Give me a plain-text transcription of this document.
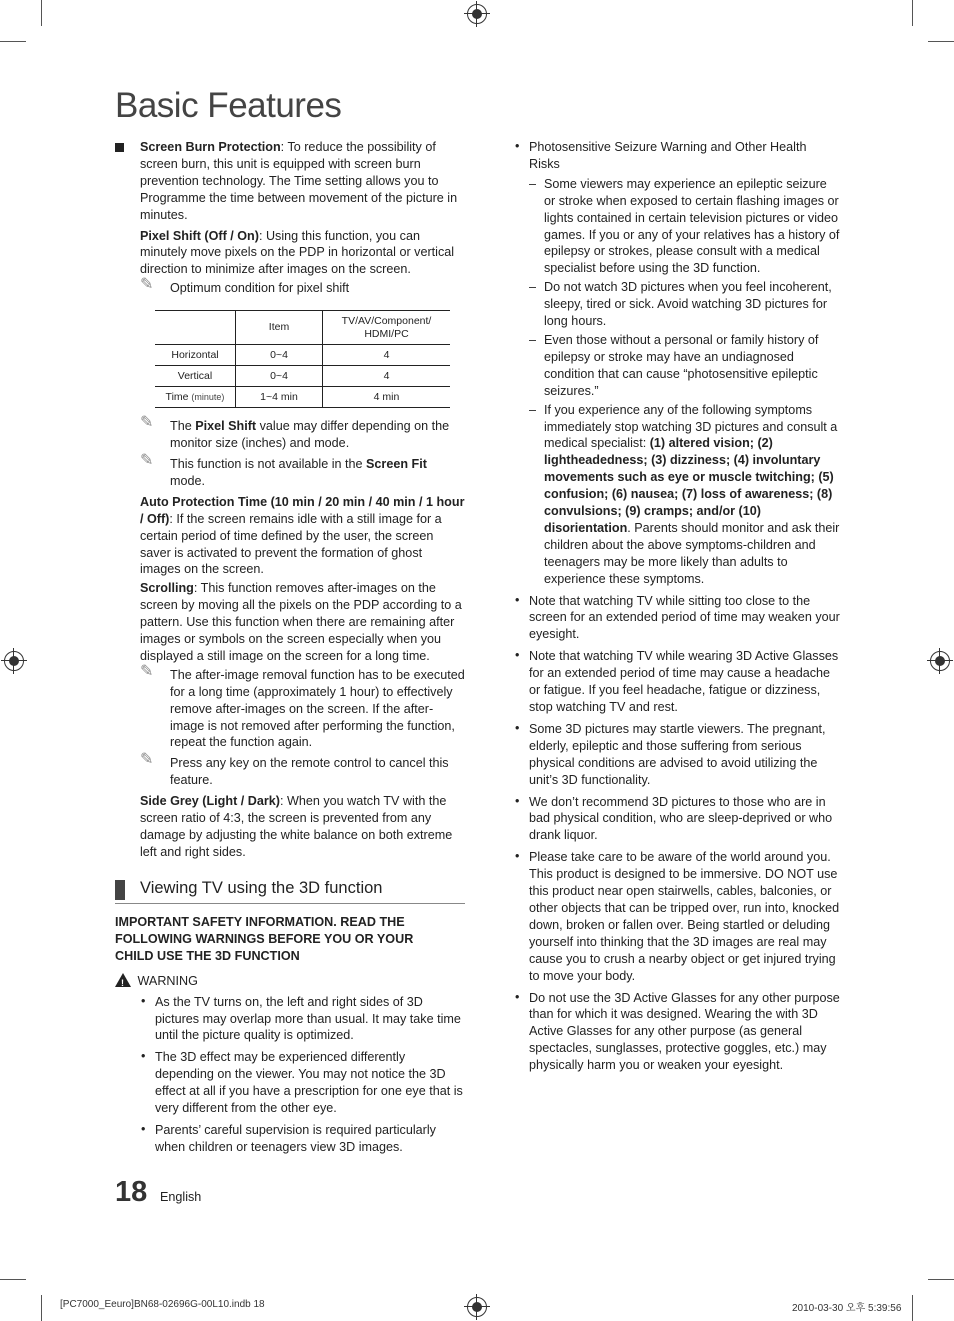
Basic Features

Screen Burn Protection: To reduce the possibility of screen burn, this unit is equipped with screen burn prevention technology. The Time setting allows you to Programme the time between movement of the picture in minutes.

Pixel Shift (Off / On): Using this function, you can minutely move pixels on the PDP in horizontal or vertical direction to minimize after images on the screen.

✎ Optimum condition for pixel shift

	Item	TV/AV/Component/ HDMI/PC
Horizontal	0~4	4
Vertical	0~4	4
Time (minute)	1~4 min	4 min

✎ The Pixel Shift value may differ depending on the monitor size (inches) and mode.

✎ This function is not available in the Screen Fit mode.

Auto Protection Time (10 min / 20 min / 40 min / 1 hour / Off): If the screen remains idle with a still image for a certain period of time defined by the user, the screen saver is activated to prevent the formation of ghost images on the screen.

Scrolling: This function removes after-images on the screen by moving all the pixels on the PDP according to a pattern. Use this function when there are remaining after images or symbols on the screen especially when you displayed a still image on the screen for a long time.

✎ The after-image removal function has to be executed for a long time (approximately 1 hour) to effectively remove after-images on the screen. If the after-image is not removed after performing the function, repeat the function again.

✎ Press any key on the remote control to cancel this feature.

Side Grey (Light / Dark): When you watch TV with the screen ratio of 4:3, the screen is prevented from any damage by adjusting the white balance on both extreme left and right sides.

Viewing TV using the 3D function

IMPORTANT SAFETY INFORMATION. READ THE FOLLOWING WARNINGS BEFORE YOU OR YOUR CHILD USE THE 3D FUNCTION

! WARNING

• As the TV turns on, the left and right sides of 3D pictures may overlap more than usual. It may take time until the picture quality is optimized.
• The 3D effect may be experienced differently depending on the viewer. You may not notice the 3D effect at all if you have a prescription for one eye that is very different from the other eye.
• Parents’ careful supervision is required particularly when children or teenagers view 3D images.
• Photosensitive Seizure Warning and Other Health Risks
– Some viewers may experience an epileptic seizure or stroke when exposed to certain flashing images or lights contained in certain television pictures or video games. If you or any of your relatives has a history of epilepsy or strokes, please consult with a medical specialist before using the 3D function.
– Do not watch 3D pictures when you feel incoherent, sleepy, tired or sick. Avoid watching 3D pictures for long hours.
– Even those without a personal or family history of epilepsy or stroke may have an undiagnosed condition that can cause “photosensitive epileptic seizures.”
– If you experience any of the following symptoms immediately stop watching 3D pictures and consult a medical specialist: (1) altered vision; (2) lightheadedness; (3) dizziness; (4) involuntary movements such as eye or muscle twitching; (5) confusion; (6) nausea; (7) loss of awareness; (8) convulsions; (9) cramps; and/or (10) disorientation. Parents should monitor and ask their children about the above symptoms-children and teenagers may be more likely than adults to experience these symptoms.
• Note that watching TV while sitting too close to the screen for an extended period of time may weaken your eyesight.
• Note that watching TV while wearing 3D Active Glasses for an extended period of time may cause a headache or fatigue. If you feel headache, fatigue or dizziness, stop watching TV and rest.
• Some 3D pictures may startle viewers. The pregnant, elderly, epileptic and those suffering from serious physical conditions are advised to avoid utilizing the unit’s 3D functionality.
• We don’t recommend 3D pictures to those who are in bad physical condition, who are sleep-deprived or who drank liquor.
• Please take care to be aware of the world around you. This product is designed to be immersive. DO NOT use this product near open stairwells, cables, balconies, or other objects that can be tripped over, run into, knocked down, broken or fallen over. Being startled or deluding yourself into thinking that the 3D images are real may cause you to crush a nearby object or get injured trying to move your body.
• Do not use the 3D Active Glasses for any other purpose than for which it was designed. Wearing the with 3D Active Glasses for any other purpose (as general spectacles, sunglasses, protective goggles, etc.) may physically harm you or weaken your eyesight.
18 English
[PC7000_Eeuro]BN68-02696G-00L10.indb 18	2010-03-30 오후 5:39:56
